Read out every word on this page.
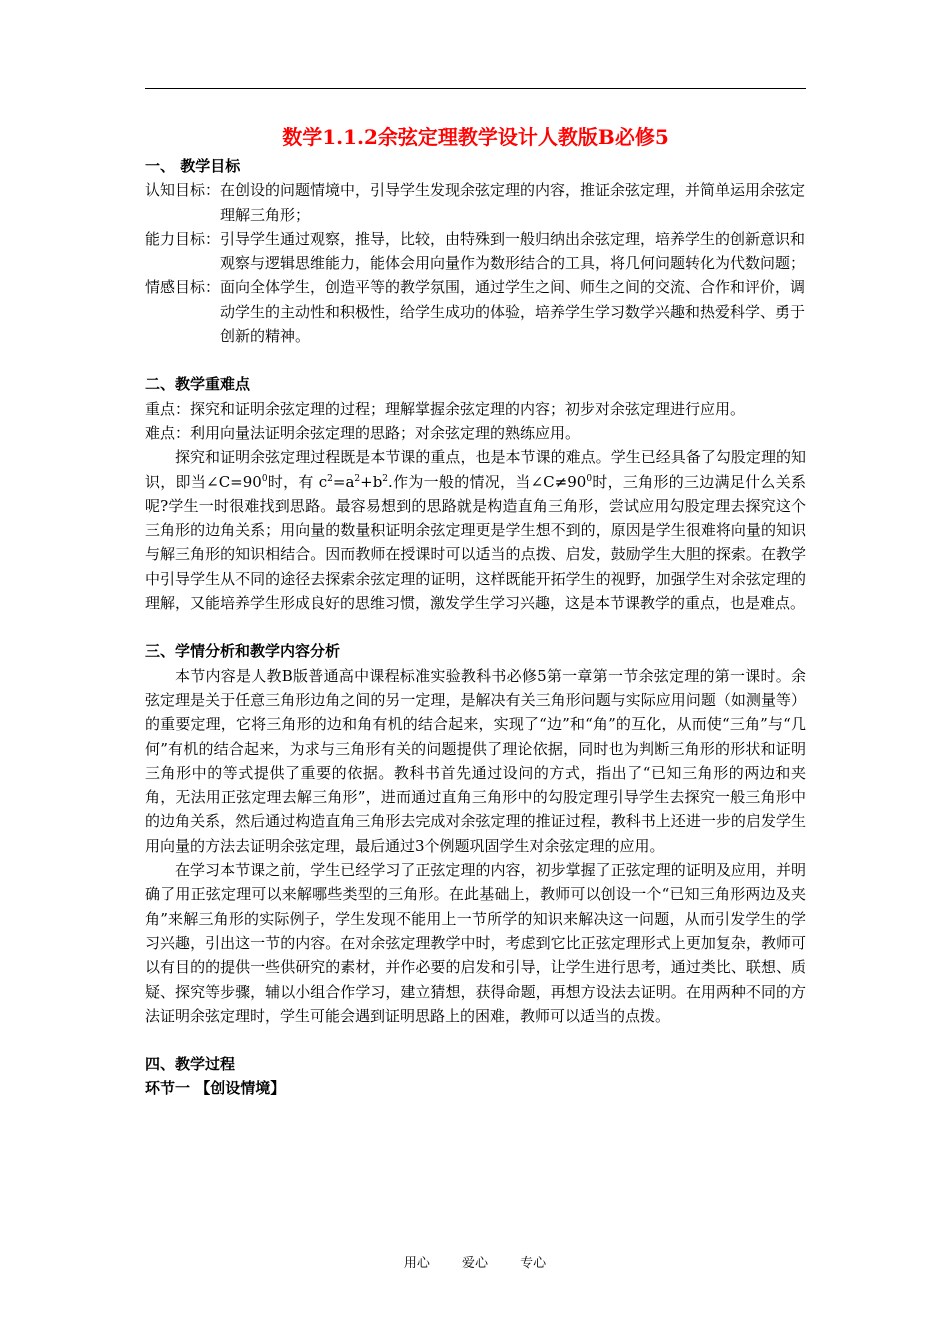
数学1.1.2余弦定理教学设计人教版B必修5
一、 教学目标
认知目标： 在创设的问题情境中，引导学生发现余弦定理的内容，推证余弦定理，并简单运用余弦定理解三角形；
能力目标： 引导学生通过观察，推导，比较，由特殊到一般归纳出余弦定理，培养学生的创新意识和观察与逻辑思维能力，能体会用向量作为数形结合的工具，将几何问题转化为代数问题；
情感目标： 面向全体学生，创造平等的教学氛围，通过学生之间、师生之间的交流、合作和评价，调动学生的主动性和积极性，给学生成功的体验，培养学生学习数学兴趣和热爱科学、勇于创新的精神。
二、教学重难点
重点：探究和证明余弦定理的过程；理解掌握余弦定理的内容；初步对余弦定理进行应用。
难点：利用向量法证明余弦定理的思路；对余弦定理的熟练应用。

探究和证明余弦定理过程既是本节课的重点，也是本节课的难点。学生已经具备了勾股定理的知识，即当$\angle C=90^0$时，有 $c^2=a^2+b^2$.作为一般的情况，当$\angle C\ne 90^0$时，三角形的三边满足什么关系呢?学生一时很难找到思路。最容易想到的思路就是构造直角三角形，尝试应用勾股定理去探究这个三角形的边角关系；用向量的数量积证明余弦定理更是学生想不到的，原因是学生很难将向量的知识与解三角形的知识相结合。因而教师在授课时可以适当的点拨、启发，鼓励学生大胆的探索。在教学中引导学生从不同的途径去探索余弦定理的证明，这样既能开拓学生的视野，加强学生对余弦定理的理解，又能培养学生形成良好的思维习惯，激发学生学习兴趣，这是本节课教学的重点，也是难点。

三、学情分析和教学内容分析

本节内容是人教B版普通高中课程标准实验教科书必修5第一章第一节余弦定理的第一课时。余弦定理是关于任意三角形边角之间的另一定理，是解决有关三角形问题与实际应用问题（如测量等）的重要定理，它将三角形的边和角有机的结合起来，实现了“边”和“角”的互化，从而使“三角”与“几何”有机的结合起来，为求与三角形有关的问题提供了理论依据，同时也为判断三角形的形状和证明三角形中的等式提供了重要的依据。教科书首先通过设问的方式，指出了“已知三角形的两边和夹角，无法用正弦定理去解三角形”，进而通过直角三角形中的勾股定理引导学生去探究一般三角形中的边角关系，然后通过构造直角三角形去完成对余弦定理的推证过程，教科书上还进一步的启发学生用向量的方法去证明余弦定理，最后通过3个例题巩固学生对余弦定理的应用。

在学习本节课之前，学生已经学习了正弦定理的内容，初步掌握了正弦定理的证明及应用，并明确了用正弦定理可以来解哪些类型的三角形。在此基础上，教师可以创设一个“已知三角形两边及夹角”来解三角形的实际例子，学生发现不能用上一节所学的知识来解决这一问题，从而引发学生的学习兴趣，引出这一节的内容。在对余弦定理教学中时，考虑到它比正弦定理形式上更加复杂，教师可以有目的的提供一些供研究的素材，并作必要的启发和引导，让学生进行思考，通过类比、联想、质疑、探究等步骤，辅以小组合作学习，建立猜想，获得命题，再想方设法去证明。在用两种不同的方法证明余弦定理时，学生可能会遇到证明思路上的困难，教师可以适当的点拨。

四、教学过程
环节一 【创设情境】
用心 爱心 专心
